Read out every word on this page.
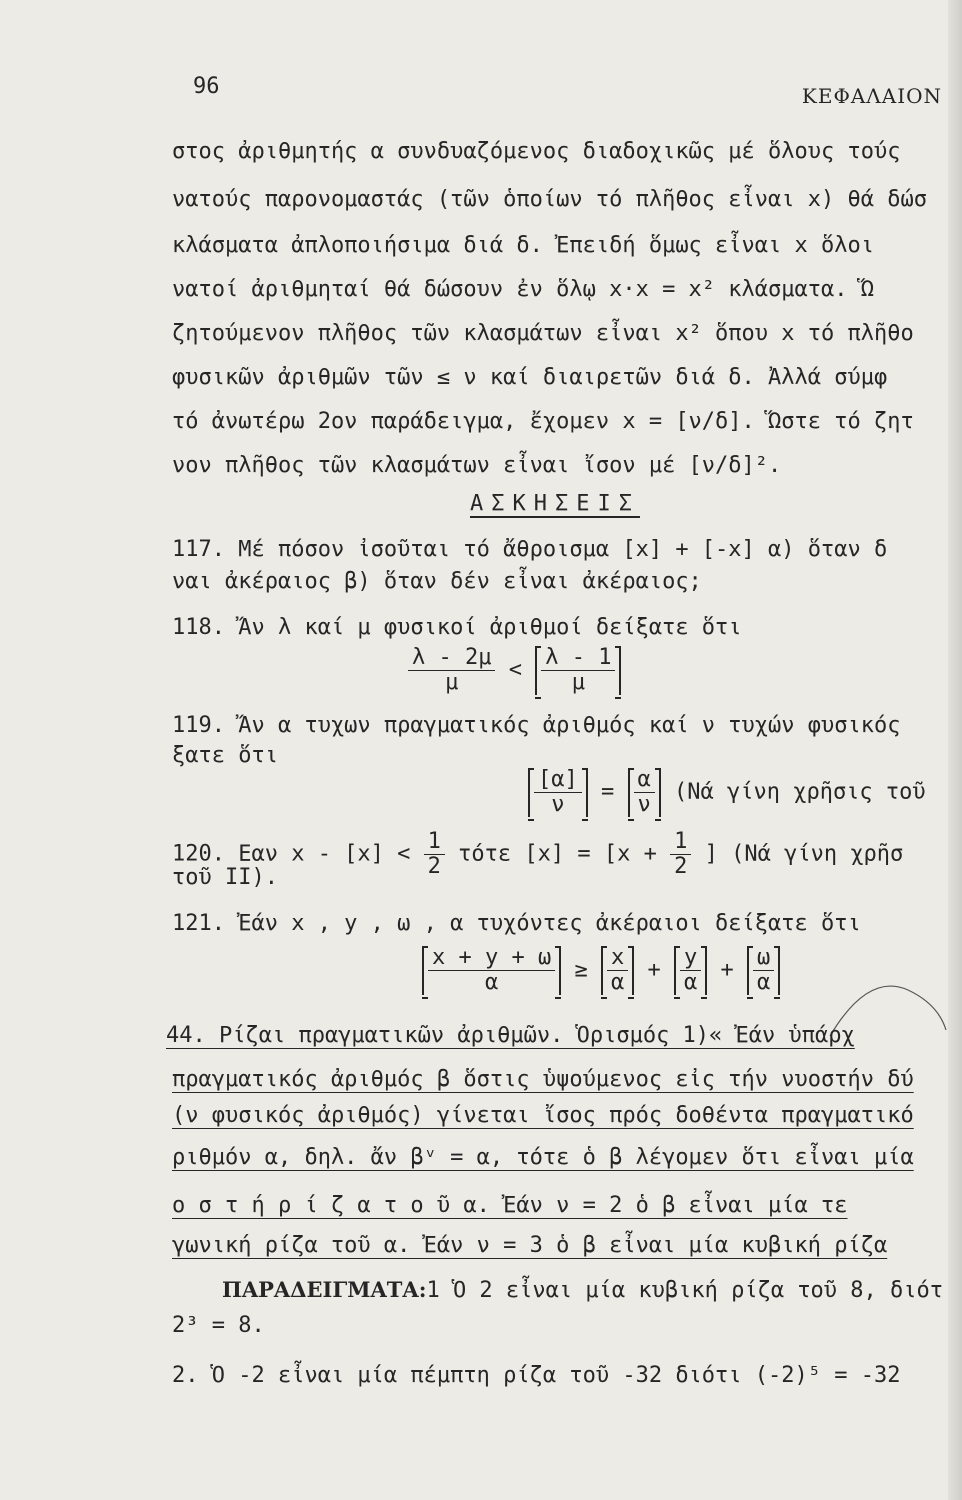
96	ΚΕΦΑΛΑΙΟΝ
στος ἀριθμητής α συνδυαζόμενος διαδοχικῶς μέ ὅλους τούς
νατούς παρονομαστάς (τῶν ὁποίων τό πλῆθος εἶναι x) θά δώσ
κλάσματα ἀπλοποιήσιμα διά δ. Ἐπειδή ὅμως εἶναι x ὅλοι
νατοί ἀριθμηταί θά δώσουν ἐν ὅλῳ x·x = x² κλάσματα. Ὥ
ζητούμενον πλῆθος τῶν κλασμάτων εἶναι x² ὅπου x τό πλῆθο
φυσικῶν ἀριθμῶν τῶν ≤ ν καί διαιρετῶν διά δ. Ἀλλά σύμφ
τό ἀνωτέρω 2ον παράδειγμα, ἔχομεν x = [ν/δ]. Ὥστε τό ζητ
νον πλῆθος τῶν κλασμάτων εἶναι ἴσον μέ [ν/δ]².
ΑΣΚΗΣΕΙΣ
117. Μέ πόσον ἰσοῦται τό ἄθροισμα [x] + [-x] α) ὅταν δ
ναι ἀκέραιος β) ὅταν δέν εἶναι ἀκέραιος;
118. Ἄν λ καί μ φυσικοί ἀριθμοί δείξατε ὅτι
$\frac{\lambda - 2\mu}{\mu} < \frac{\lambda - 1}{\mu}$
119. Ἄν α τυχων πραγματικός ἀριθμός καί ν τυχών φυσικός
ξατε ὅτι
$\frac{[\alpha]}{\nu} = \frac{\alpha}{\nu} (Nά$ γίνη χρῆσις τοῦ
120. Εαν $x - [x] < \frac{1}{2}$ τότε $[x] = [x + \frac{1}{2}$ ] (Νά γίνη χρῆσ
τοῦ II).
121. Ἐάν x , y , ω , α τυχόντες ἀκέραιοι δείξατε ὅτι
$\frac{x + y + \omega}{\alpha} \ge \frac{x}{\alpha} + \frac{y}{\alpha} + \frac{\omega}{\alpha}$
44. Ρίζαι πραγματικῶν ἀριθμῶν. Ὁρισμός 1)« Ἐάν ὑπάρχ
πραγματικός ἀριθμός β ὅστις ὑψούμενος εἰς τήν νυοστήν δύ
(ν φυσικός ἀριθμός) γίνεται ἴσος πρός δοθέντα πραγματικό
ριθμόν α, δηλ. ἄν βᵛ = α, τότε ὁ β λέγομεν ὅτι εἶναι μία
ο σ τ ή ρ ί ζ α τ ο ῦ α. Ἐάν ν = 2 ὁ β εἶναι μία τε
γωνική ρίζα τοῦ α. Ἐάν ν = 3 ὁ β εἶναι μία κυβική ρίζα
ΠΑΡΑΔΕΙΓΜΑΤΑ:1 Ὁ 2 εἶναι μία κυβική ρίζα τοῦ 8, διότ
2³ = 8.
2. Ὁ -2 εἶναι μία πέμπτη ρίζα τοῦ -32 διότι (-2)⁵ = -32
